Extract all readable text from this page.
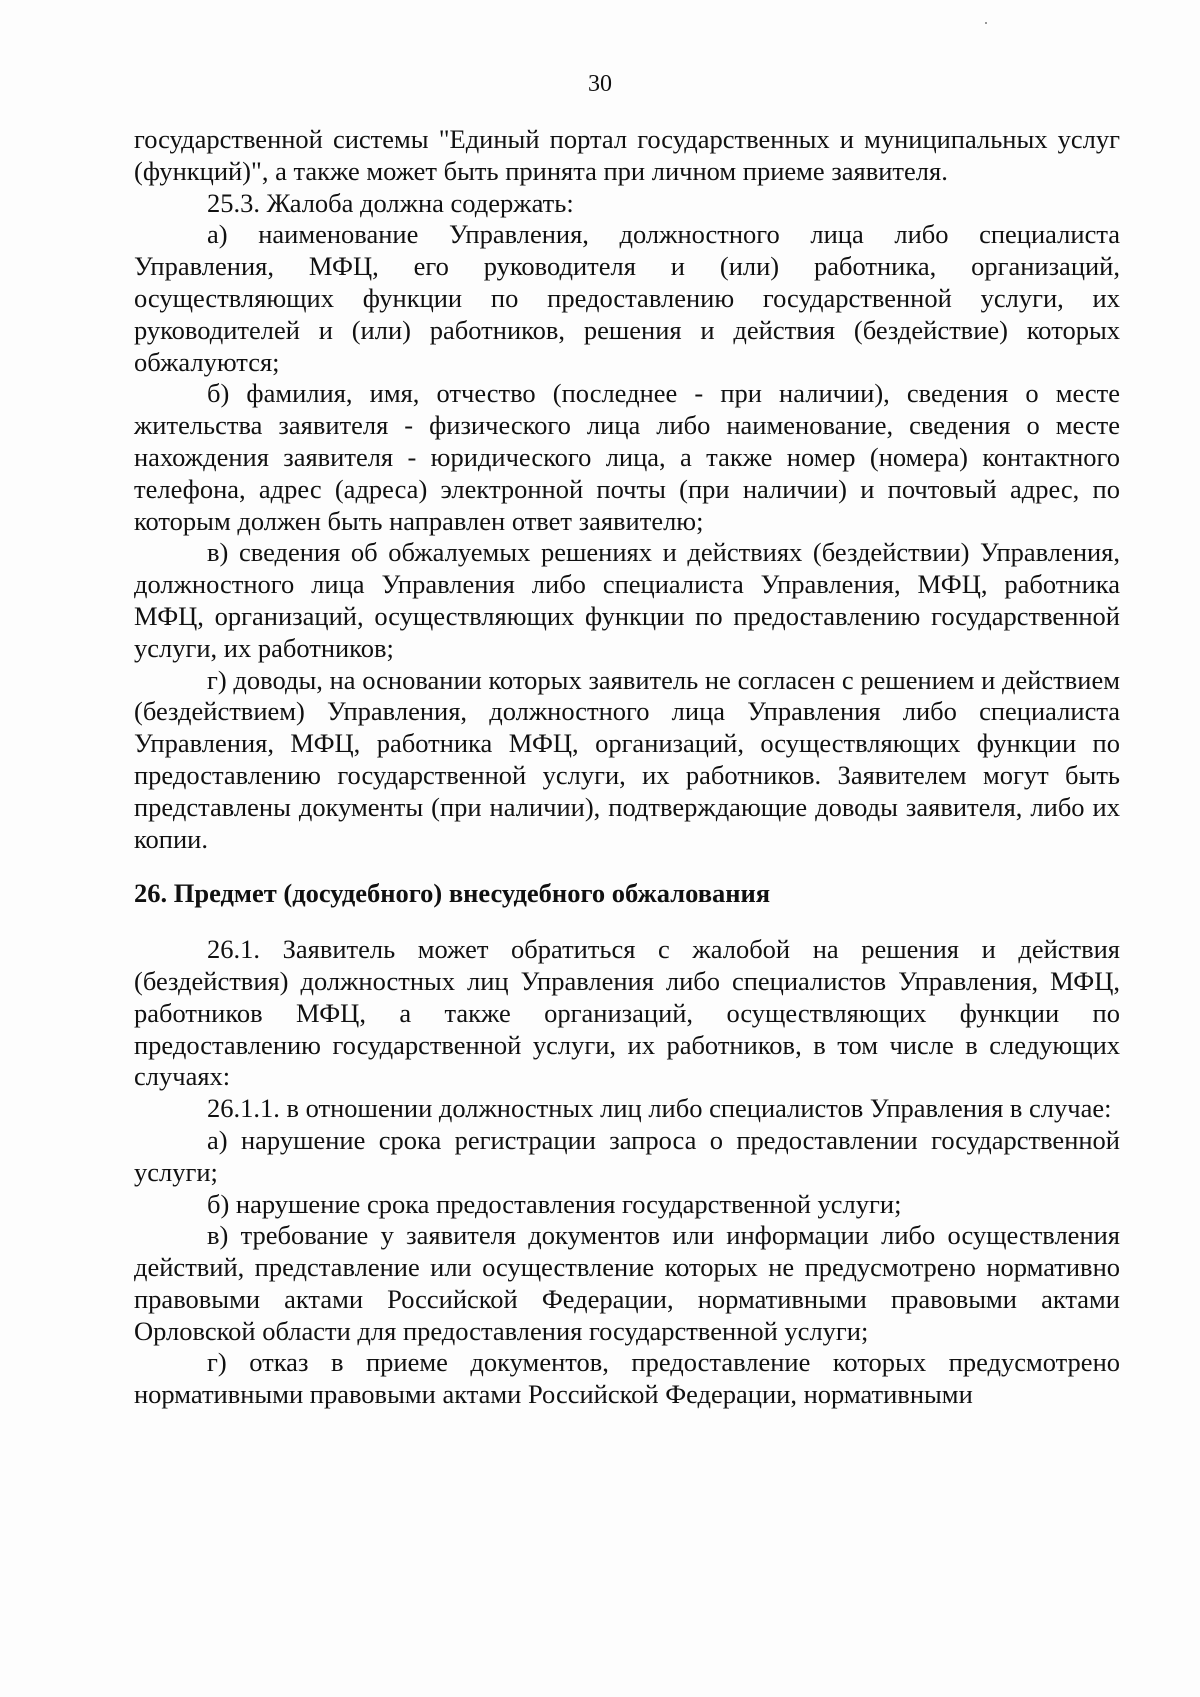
30

государственной системы "Единый портал государственных и муниципальных услуг (функций)", а также может быть принята при личном приеме заявителя.

25.3. Жалоба должна содержать:

а) наименование Управления, должностного лица либо специалиста Управления, МФЦ, его руководителя и (или) работника, организаций, осуществляющих функции по предоставлению государственной услуги, их руководителей и (или) работников, решения и действия (бездействие) которых обжалуются;

б) фамилия, имя, отчество (последнее - при наличии), сведения о месте жительства заявителя - физического лица либо наименование, сведения о месте нахождения заявителя - юридического лица, а также номер (номера) контактного телефона, адрес (адреса) электронной почты (при наличии) и почтовый адрес, по которым должен быть направлен ответ заявителю;

в) сведения об обжалуемых решениях и действиях (бездействии) Управления, должностного лица Управления либо специалиста Управления, МФЦ, работника МФЦ, организаций, осуществляющих функции по предоставлению государственной услуги, их работников;

г) доводы, на основании которых заявитель не согласен с решением и действием (бездействием) Управления, должностного лица Управления либо специалиста Управления, МФЦ, работника МФЦ, организаций, осуществляющих функции по предоставлению государственной услуги, их работников. Заявителем могут быть представлены документы (при наличии), подтверждающие доводы заявителя, либо их копии.

26. Предмет (досудебного) внесудебного обжалования

26.1. Заявитель может обратиться с жалобой на решения и действия (бездействия) должностных лиц Управления либо специалистов Управления, МФЦ, работников МФЦ, а также организаций, осуществляющих функции по предоставлению государственной услуги, их работников, в том числе в следующих случаях:

26.1.1. в отношении должностных лиц либо специалистов Управления в случае:

а) нарушение срока регистрации запроса о предоставлении государственной услуги;

б) нарушение срока предоставления государственной услуги;

в) требование у заявителя документов или информации либо осуществления действий, представление или осуществление которых не предусмотрено нормативно правовыми актами Российской Федерации, нормативными правовыми актами Орловской области для предоставления государственной услуги;

г) отказ в приеме документов, предоставление которых предусмотрено нормативными правовыми актами Российской Федерации, нормативными
